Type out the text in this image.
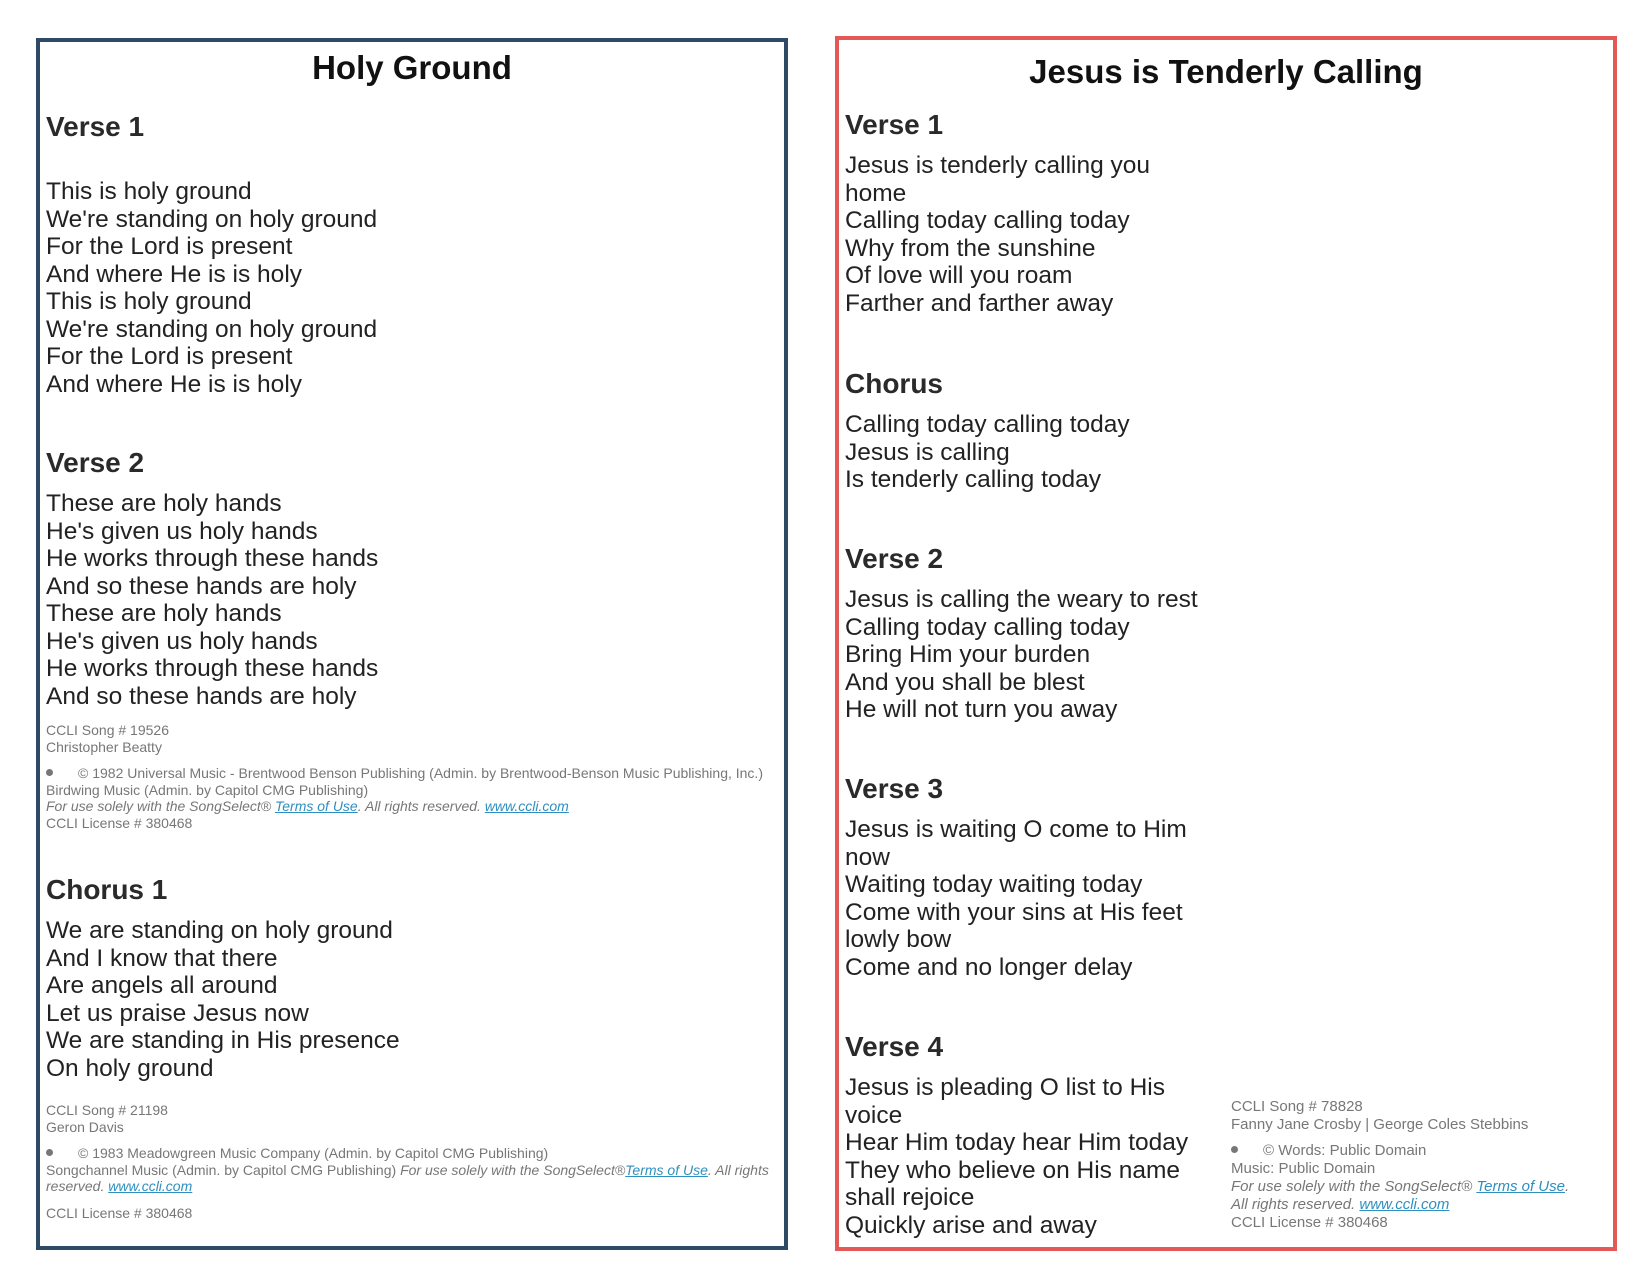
Holy Ground
Verse 1
This is holy ground
We're standing on holy ground
For the Lord is present
And where He is is holy
This is holy ground
We're standing on holy ground
For the Lord is present
And where He is is holy
Verse 2
These are holy hands
He's given us holy hands
He works through these hands
And so these hands are holy
These are holy hands
He's given us holy hands
He works through these hands
And so these hands are holy
CCLI Song # 19526
Christopher Beatty
© 1982 Universal Music - Brentwood Benson Publishing (Admin. by Brentwood-Benson Music Publishing, Inc.)
Birdwing Music (Admin. by Capitol CMG Publishing)
For use solely with the SongSelect® Terms of Use. All rights reserved. www.ccli.com
CCLI License # 380468
Chorus 1
We are standing on holy ground
And I know that there
Are angels all around
Let us praise Jesus now
We are standing in His presence
On holy ground
CCLI Song # 21198
Geron Davis
© 1983 Meadowgreen Music Company (Admin. by Capitol CMG Publishing)
Songchannel Music (Admin. by Capitol CMG Publishing) For use solely with the SongSelect®Terms of Use. All rights reserved. www.ccli.com
CCLI License # 380468
Jesus is Tenderly Calling
Verse 1
Jesus is tenderly calling you
home
Calling today calling today
Why from the sunshine
Of love will you roam
Farther and farther away
Chorus
Calling today calling today
Jesus is calling
Is tenderly calling today
Verse 2
Jesus is calling the weary to rest
Calling today calling today
Bring Him your burden
And you shall be blest
He will not turn you away
Verse 3
Jesus is waiting O come to Him
now
Waiting today waiting today
Come with your sins at His feet
lowly bow
Come and no longer delay
Verse 4
Jesus is pleading O list to His
voice
Hear Him today hear Him today
They who believe on His name
shall rejoice
Quickly arise and away
CCLI Song # 78828
Fanny Jane Crosby | George Coles Stebbins
© Words: Public Domain
Music: Public Domain
For use solely with the SongSelect® Terms of Use. All rights reserved. www.ccli.com
CCLI License # 380468
